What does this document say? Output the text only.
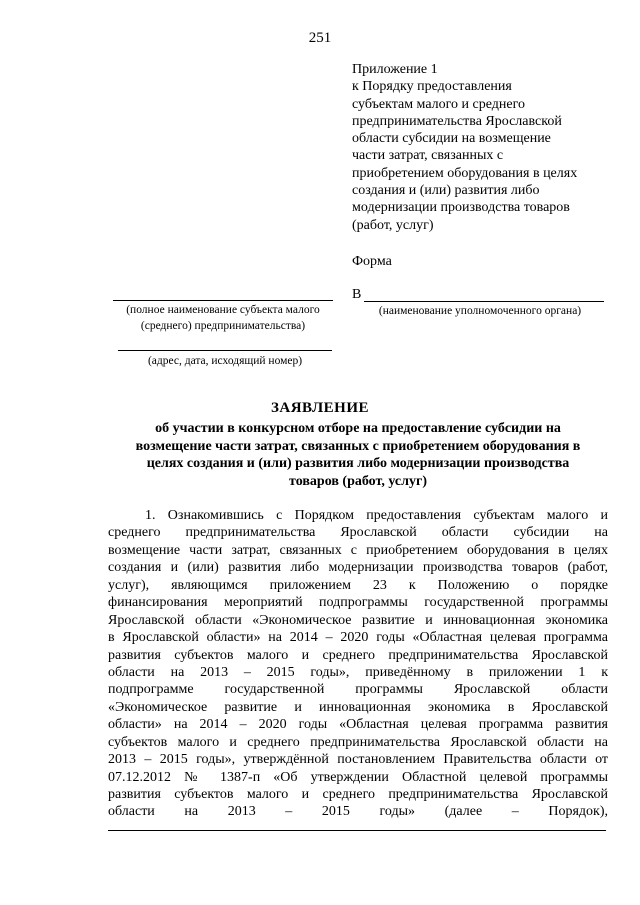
251
Приложение 1
к Порядку предоставления
субъектам малого и среднего
предпринимательства Ярославской
области субсидии на возмещение
части затрат, связанных с
приобретением оборудования в целях
создания и (или) развития либо
модернизации производства товаров
(работ, услуг)
Форма
(полное наименование субъекта малого
(среднего) предпринимательства)
(адрес, дата, исходящий номер)
В
(наименование уполномоченного органа)
ЗАЯВЛЕНИЕ
об участии в конкурсном отборе на предоставление субсидии на
возмещение части затрат, связанных с приобретением оборудования в
целях создания и (или) развития либо модернизации производства
товаров (работ, услуг)
1. Ознакомившись с Порядком предоставления субъектам малого и
среднего предпринимательства Ярославской области субсидии на
возмещение части затрат, связанных с приобретением оборудования в целях
создания и (или) развития либо модернизации производства товаров (работ,
услуг), являющимся приложением 23 к Положению о порядке
финансирования мероприятий подпрограммы государственной программы
Ярославской области «Экономическое развитие и инновационная экономика
в Ярославской области» на 2014 – 2020 годы «Областная целевая программа
развития субъектов малого и среднего предпринимательства Ярославской
области на 2013 – 2015 годы», приведённому в приложении 1 к
подпрограмме государственной программы Ярославской области
«Экономическое развитие и инновационная экономика в Ярославской
области» на 2014 – 2020 годы «Областная целевая программа развития
субъектов малого и среднего предпринимательства Ярославской области на
2013 – 2015 годы», утверждённой постановлением Правительства области от
07.12.2012 № 1387-п «Об утверждении Областной целевой программы
развития субъектов малого и среднего предпринимательства Ярославской
области на 2013 – 2015 годы» (далее – Порядок),
